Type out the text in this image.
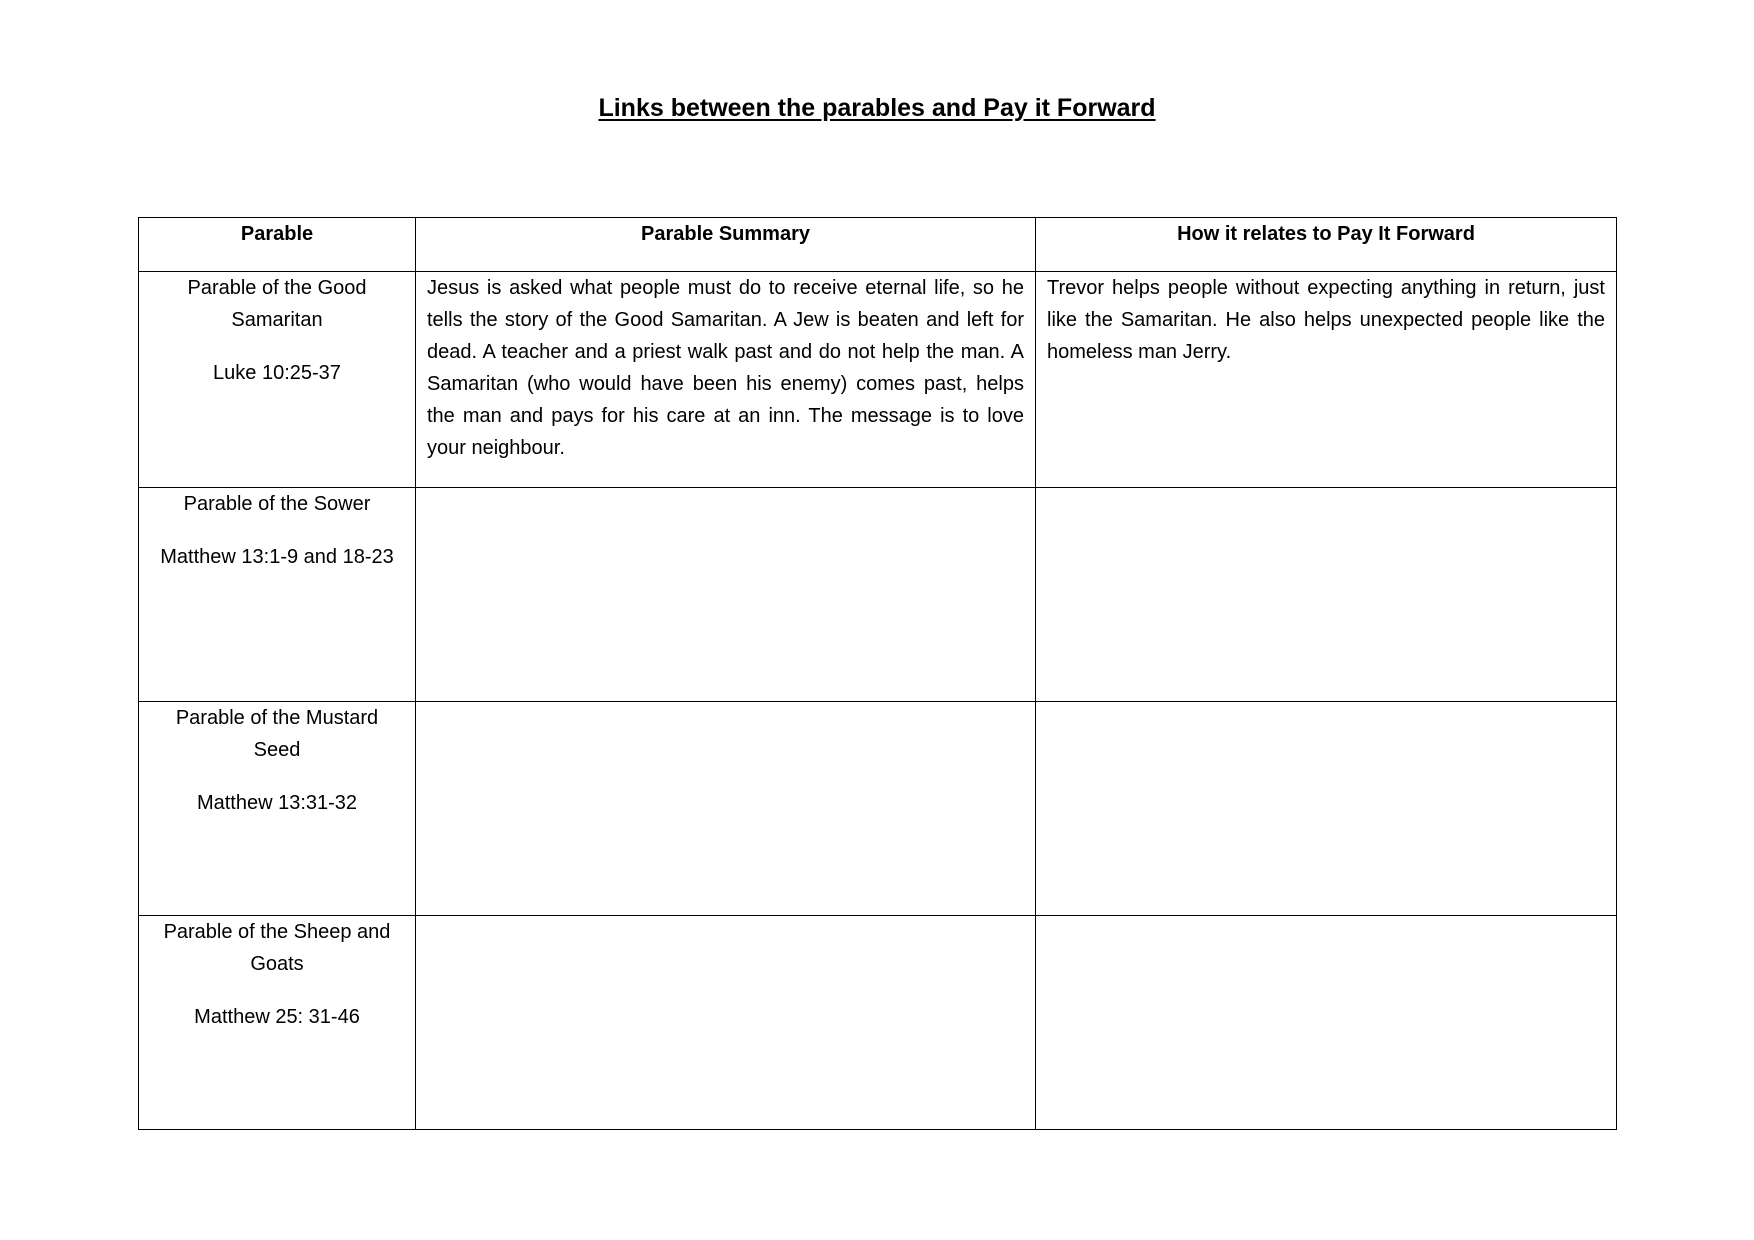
Links between the parables and Pay it Forward
Parable	Parable Summary	How it relates to Pay It Forward

Parable of the Good Samaritan
Luke 10:25-37	Jesus is asked what people must do to receive eternal life, so he tells the story of the Good Samaritan. A Jew is beaten and left for dead. A teacher and a priest walk past and do not help the man. A Samaritan (who would have been his enemy) comes past, helps the man and pays for his care at an inn. The message is to love your neighbour.	Trevor helps people without expecting anything in return, just like the Samaritan. He also helps unexpected people like the homeless man Jerry.

Parable of the Sower
Matthew 13:1-9 and 18-23		

Parable of the Mustard Seed
Matthew 13:31-32		

Parable of the Sheep and Goats
Matthew 25: 31-46		
